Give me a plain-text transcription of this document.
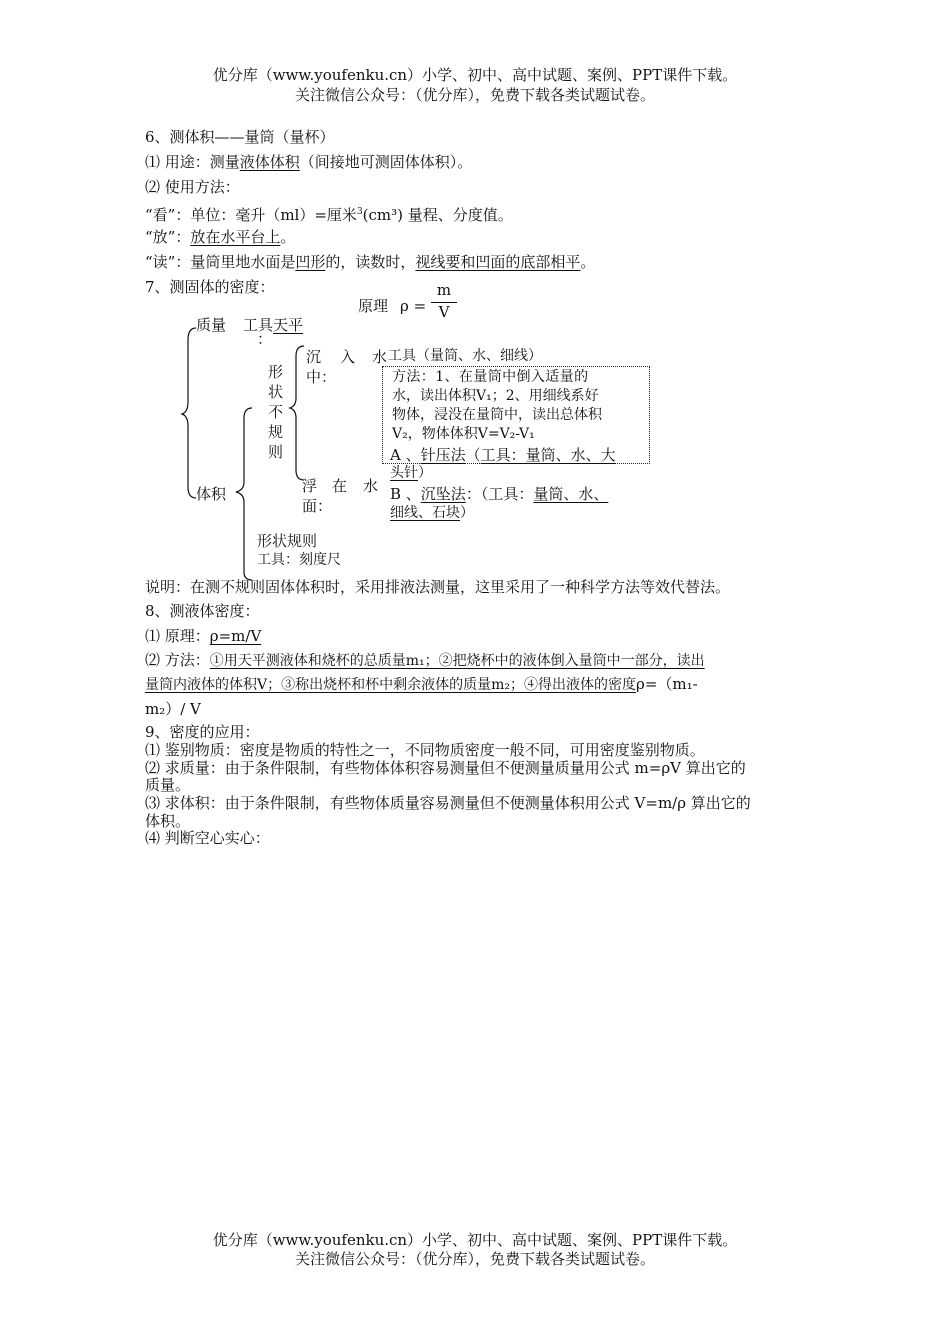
优分库（www.youfenku.cn）小学、初中、高中试题、案例、PPT课件下载。
关注微信公众号：（优分库），免费下载各类试题试卷。
6、测体积——量筒（量杯）
⑴ 用途：测量液体体积（间接地可测固体体积）。
⑵ 使用方法：
“看”：单位：毫升（ml）=厘米$^3$(cm³) 量程、分度值。
“放”：放在水平台上。
“读”：量筒里地水面是凹形的，读数时，视线要和凹面的底部相平。
7、测固体的密度：
原理 ρ =
m
V
质量 工具天平
：
体积
形
状
不
规
则
沉 入 水
中：
工具（量筒、水、细线）
方法：1、在量筒中倒入适量的
水，读出体积V₁；2、用细线系好
物体，浸没在量筒中，读出总体积
V₂，物体体积V=V₂-V₁
A 、针压法（工具：量筒、水、大
头针）
浮 在 水
面：
B 、沉坠法：（工具：量筒、水、
细线、石块）
形状规则
工具：刻度尺
说明：在测不规则固体体积时，采用排液法测量，这里采用了一种科学方法等效代替法。
8、测液体密度：
⑴ 原理：ρ=m/V
⑵ 方法：①用天平测液体和烧杯的总质量m₁；②把烧杯中的液体倒入量筒中一部分，读出
量筒内液体的体积V；③称出烧杯和杯中剩余液体的质量m₂；④得出液体的密度ρ=（m₁-
m₂）/ V
9、密度的应用：
⑴ 鉴别物质：密度是物质的特性之一，不同物质密度一般不同，可用密度鉴别物质。
⑵ 求质量：由于条件限制，有些物体体积容易测量但不便测量质量用公式 m=ρV 算出它的
质量。
⑶ 求体积：由于条件限制，有些物体质量容易测量但不便测量体积用公式 V=m/ρ 算出它的
体积。
⑷ 判断空心实心：
优分库（www.youfenku.cn）小学、初中、高中试题、案例、PPT课件下载。
关注微信公众号：（优分库），免费下载各类试题试卷。
